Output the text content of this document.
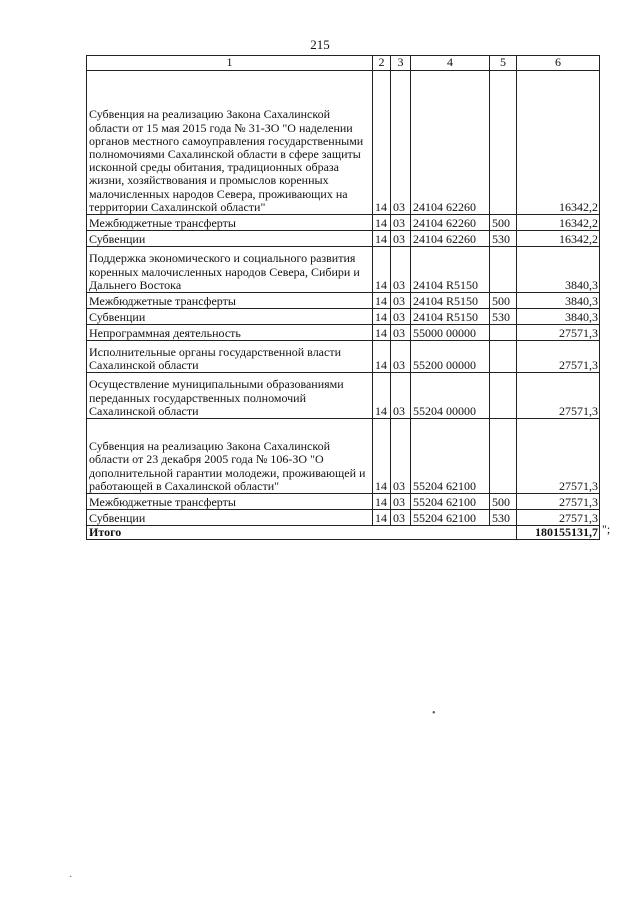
215
1	2	3	4	5	6
Субвенция на реализацию Закона Сахалинской области от 15 мая 2015 года № 31-ЗО "О наделении органов местного самоуправления государственными полномочиями Сахалинской области в сфере защиты исконной среды обитания, традиционных образа жизни, хозяйствования и промыслов коренных малочисленных народов Севера, проживающих на территории Сахалинской области"	14	03	24104 62260		16342,2
Межбюджетные трансферты	14	03	24104 62260	500	16342,2
Субвенции	14	03	24104 62260	530	16342,2
Поддержка экономического и социального развития коренных малочисленных народов Севера, Сибири и Дальнего Востока	14	03	24104 R5150		3840,3
Межбюджетные трансферты	14	03	24104 R5150	500	3840,3
Субвенции	14	03	24104 R5150	530	3840,3
Непрограммная деятельность	14	03	55000 00000		27571,3
Исполнительные органы государственной власти Сахалинской области	14	03	55200 00000		27571,3
Осуществление муниципальными образованиями переданных государственных полномочий Сахалинской области	14	03	55204 00000		27571,3
Субвенция на реализацию Закона Сахалинской области от 23 декабря 2005 года № 106-ЗО "О дополнительной гарантии молодежи, проживающей и работающей в Сахалинской области"	14	03	55204 62100		27571,3
Межбюджетные трансферты	14	03	55204 62100	500	27571,3
Субвенции	14	03	55204 62100	530	27571,3
Итого					180155131,7 ";
•
·
